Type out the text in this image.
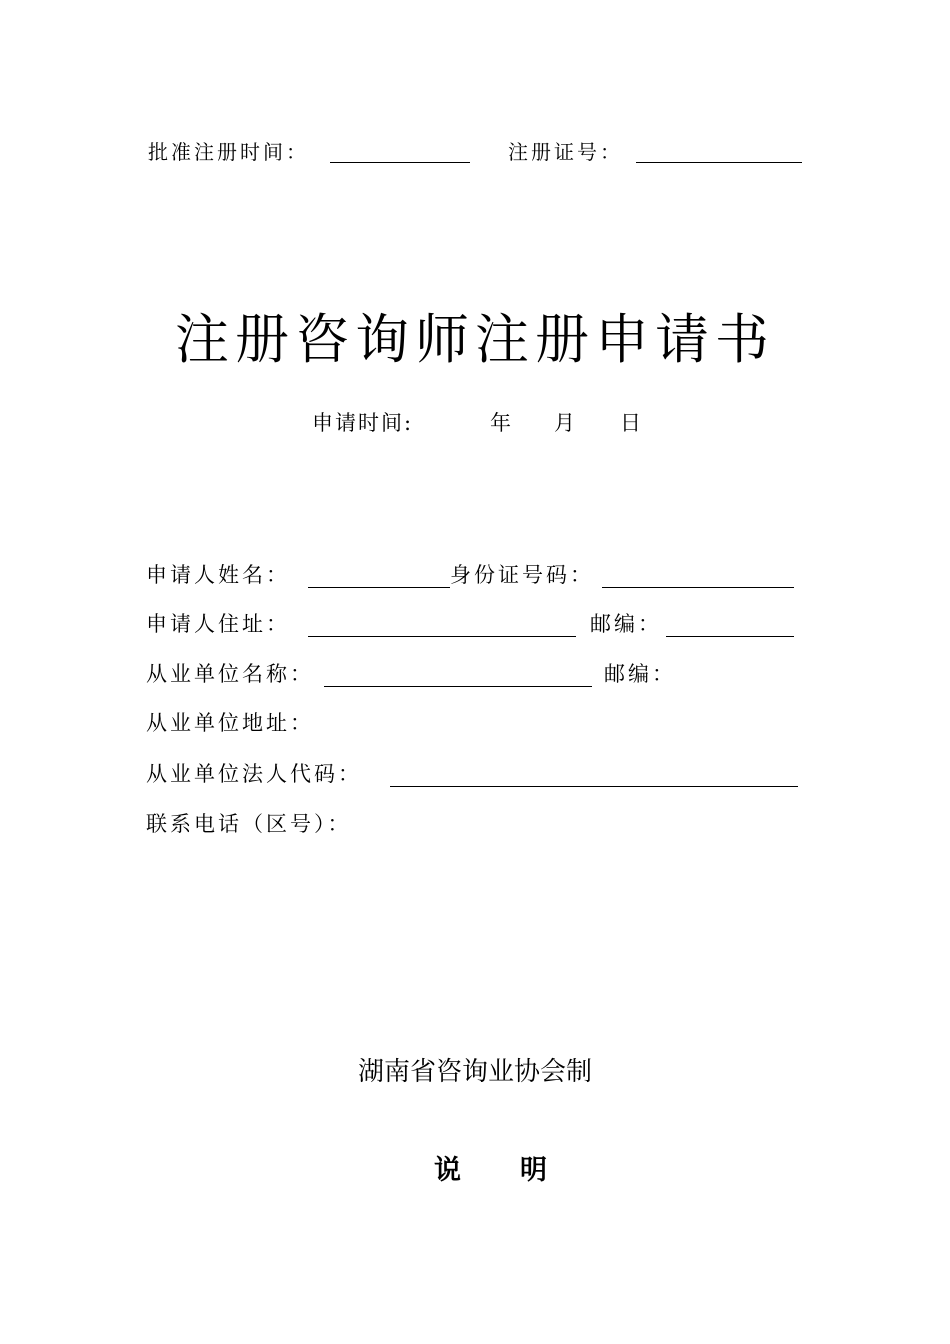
批准注册时间：	注册证号：
注册咨询师注册申请书
申请时间:	年 月 日
申请人姓名：	身份证号码：
申请人住址：	邮编：
从业单位名称：	邮编：
从业单位地址：
从业单位法人代码：
联系电话（区号）：
湖南省咨询业协会制
说 明
